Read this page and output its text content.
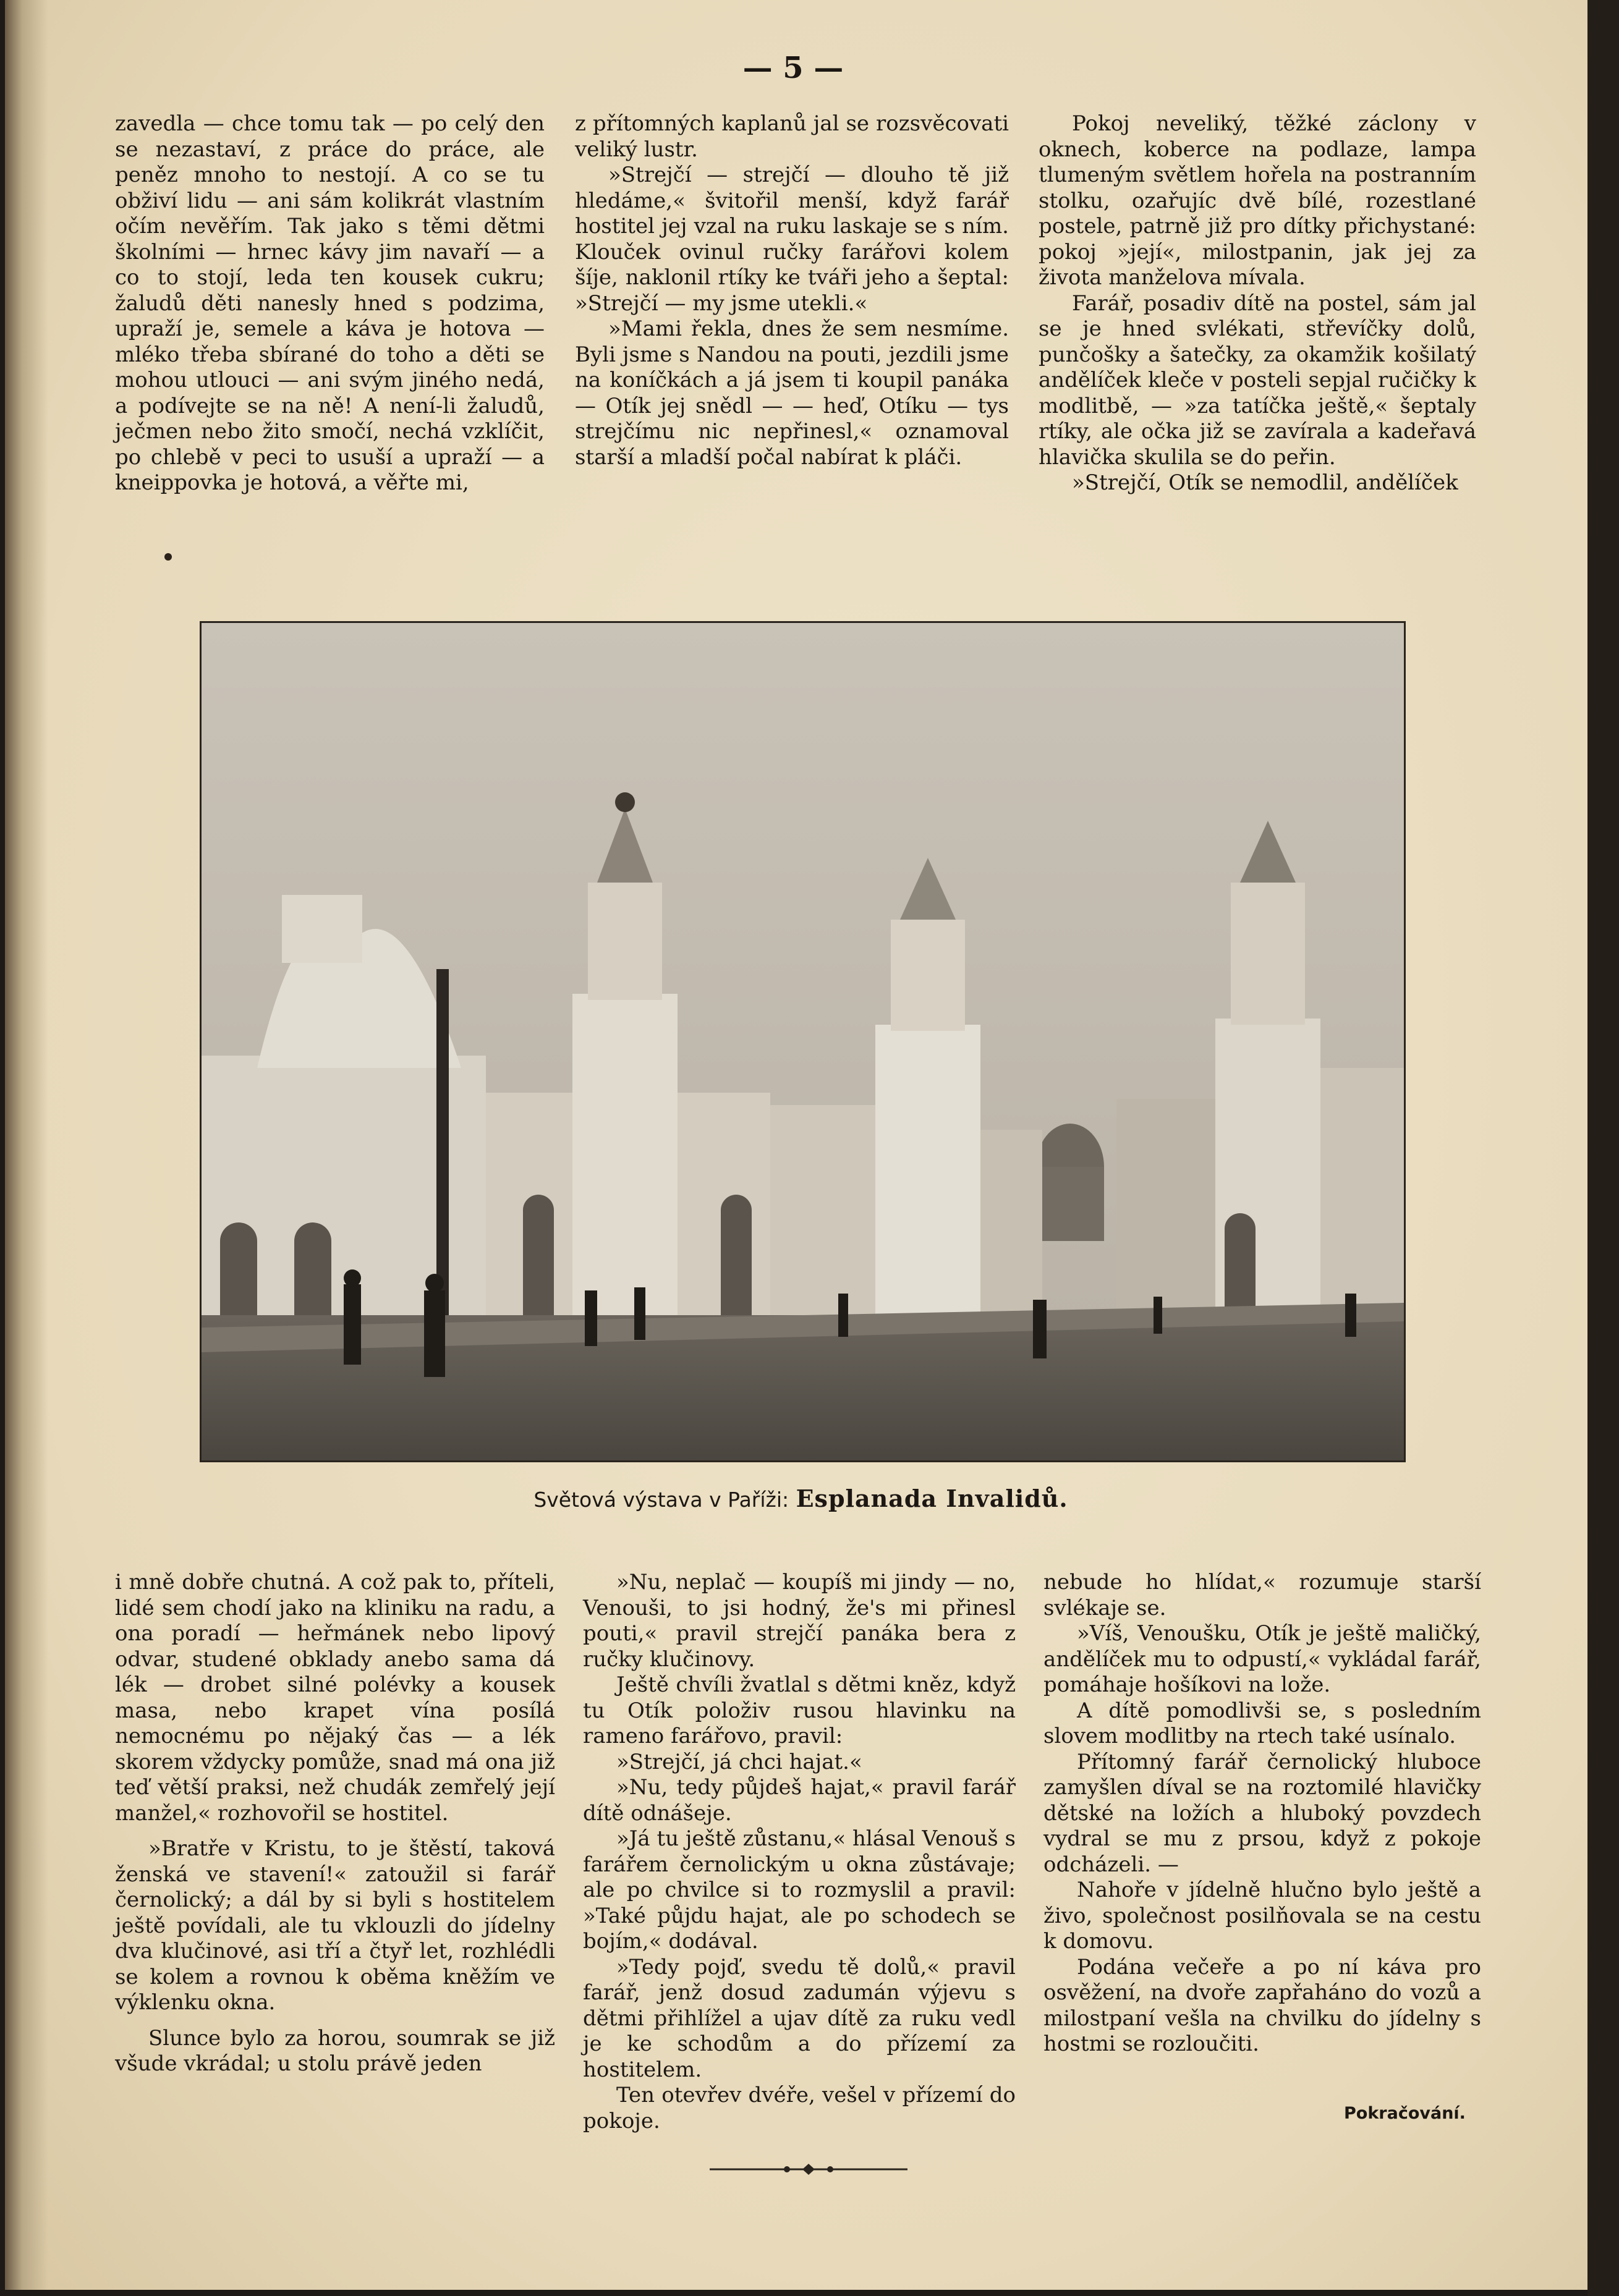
— 5 —

zavedla — chce tomu tak — po celý den se nezastaví, z práce do práce, ale peněz mnoho to nestojí. A co se tu obživí lidu — ani sám kolikrát vlastním očím nevěřím. Tak jako s těmi dětmi školními — hrnec kávy jim navaří — a co to stojí, leda ten kousek cukru; žaludů děti nanesly hned s podzima, upraží je, semele a káva je hotova — mléko třeba sbírané do toho a děti se mohou utlouci — ani svým jiného nedá, a podívejte se na ně! A není-li žaludů, ječmen nebo žito smočí, nechá vzklíčit, po chlebě v peci to usuší a upraží — a kneippovka je hotová, a věřte mi,

z přítomných kaplanů jal se rozsvěcovati veliký lustr.

»Strejčí — strejčí — dlouho tě již hledáme,« švitořil menší, když farář hostitel jej vzal na ruku laskaje se s ním. Klouček ovinul ručky farářovi kolem šíje, naklonil rtíky ke tváři jeho a šeptal: »Strejčí — my jsme utekli.«

»Mami řekla, dnes že sem nesmíme. Byli jsme s Nandou na pouti, jezdili jsme na koníčkách a já jsem ti koupil panáka — Otík jej snědl — — heď, Otíku — tys strejčímu nic nepřinesl,« oznamoval starší a mladší počal nabírat k pláči.

Pokoj neveliký, těžké záclony v oknech, koberce na podlaze, lampa tlumeným světlem hořela na postranním stolku, ozařujíc dvě bílé, rozestlané postele, patrně již pro dítky přichystané: pokoj »její«, milostpanin, jak jej za života manželova mívala.

Farář, posadiv dítě na postel, sám jal se je hned svlékati, střevíčky dolů, punčošky a šatečky, za okamžik košilatý andělíček kleče v posteli sepjal ručičky k modlitbě, — »za tatíčka ještě,« šeptaly rtíky, ale očka již se zavírala a kadeřavá hlavička skulila se do peřin.

»Strejčí, Otík se nemodlil, andělíček

Světová výstava v Paříži: Esplanada Invalidů.

i mně dobře chutná. A což pak to, příteli, lidé sem chodí jako na kliniku na radu, a ona poradí — heřmánek nebo lipový odvar, studené obklady anebo sama dá lék — drobet silné polévky a kousek masa, nebo krapet vína posílá nemocnému po nějaký čas — a lék skorem vždycky pomůže, snad má ona již teď větší praksi, než chudák zemřelý její manžel,« rozhovořil se hostitel.

»Bratře v Kristu, to je štěstí, taková ženská ve stavení!« zatoužil si farář černolický; a dál by si byli s hostitelem ještě povídali, ale tu vklouzli do jídelny dva klučinové, asi tří a čtyř let, rozhlédli se kolem a rovnou k oběma kněžím ve výklenku okna.

Slunce bylo za horou, soumrak se již všude vkrádal; u stolu právě jeden

»Nu, neplač — koupíš mi jindy — no, Venouši, to jsi hodný, že's mi přinesl pouti,« pravil strejčí panáka bera z ručky klučinovy.

Ještě chvíli žvatlal s dětmi kněz, když tu Otík položiv rusou hlavinku na rameno farářovo, pravil:

»Strejčí, já chci hajat.«

»Nu, tedy půjdeš hajat,« pravil farář dítě odnášeje.

»Já tu ještě zůstanu,« hlásal Venouš s farářem černolickým u okna zůstávaje; ale po chvilce si to rozmyslil a pravil: »Také půjdu hajat, ale po schodech se bojím,« dodával.

»Tedy pojď, svedu tě dolů,« pravil farář, jenž dosud zadumán výjevu s dětmi přihlížel a ujav dítě za ruku vedl je ke schodům a do přízemí za hostitelem.

Ten otevřev dvéře, vešel v přízemí do pokoje.

nebude ho hlídat,« rozumuje starší svlékaje se.

»Víš, Venoušku, Otík je ještě maličký, andělíček mu to odpustí,« vykládal farář, pomáhaje hošíkovi na lože.

A dítě pomodlivši se, s posledním slovem modlitby na rtech také usínalo.

Přítomný farář černolický hluboce zamyšlen díval se na roztomilé hlavičky dětské na ložích a hluboký povzdech vydral se mu z prsou, když z pokoje odcházeli. —

Nahoře v jídelně hlučno bylo ještě a živo, společnost posilňovala se na cestu k domovu.

Podána večeře a po ní káva pro osvěžení, na dvoře zapřaháno do vozů a milostpaní vešla na chvilku do jídelny s hostmi se rozloučiti.

Pokračování.
